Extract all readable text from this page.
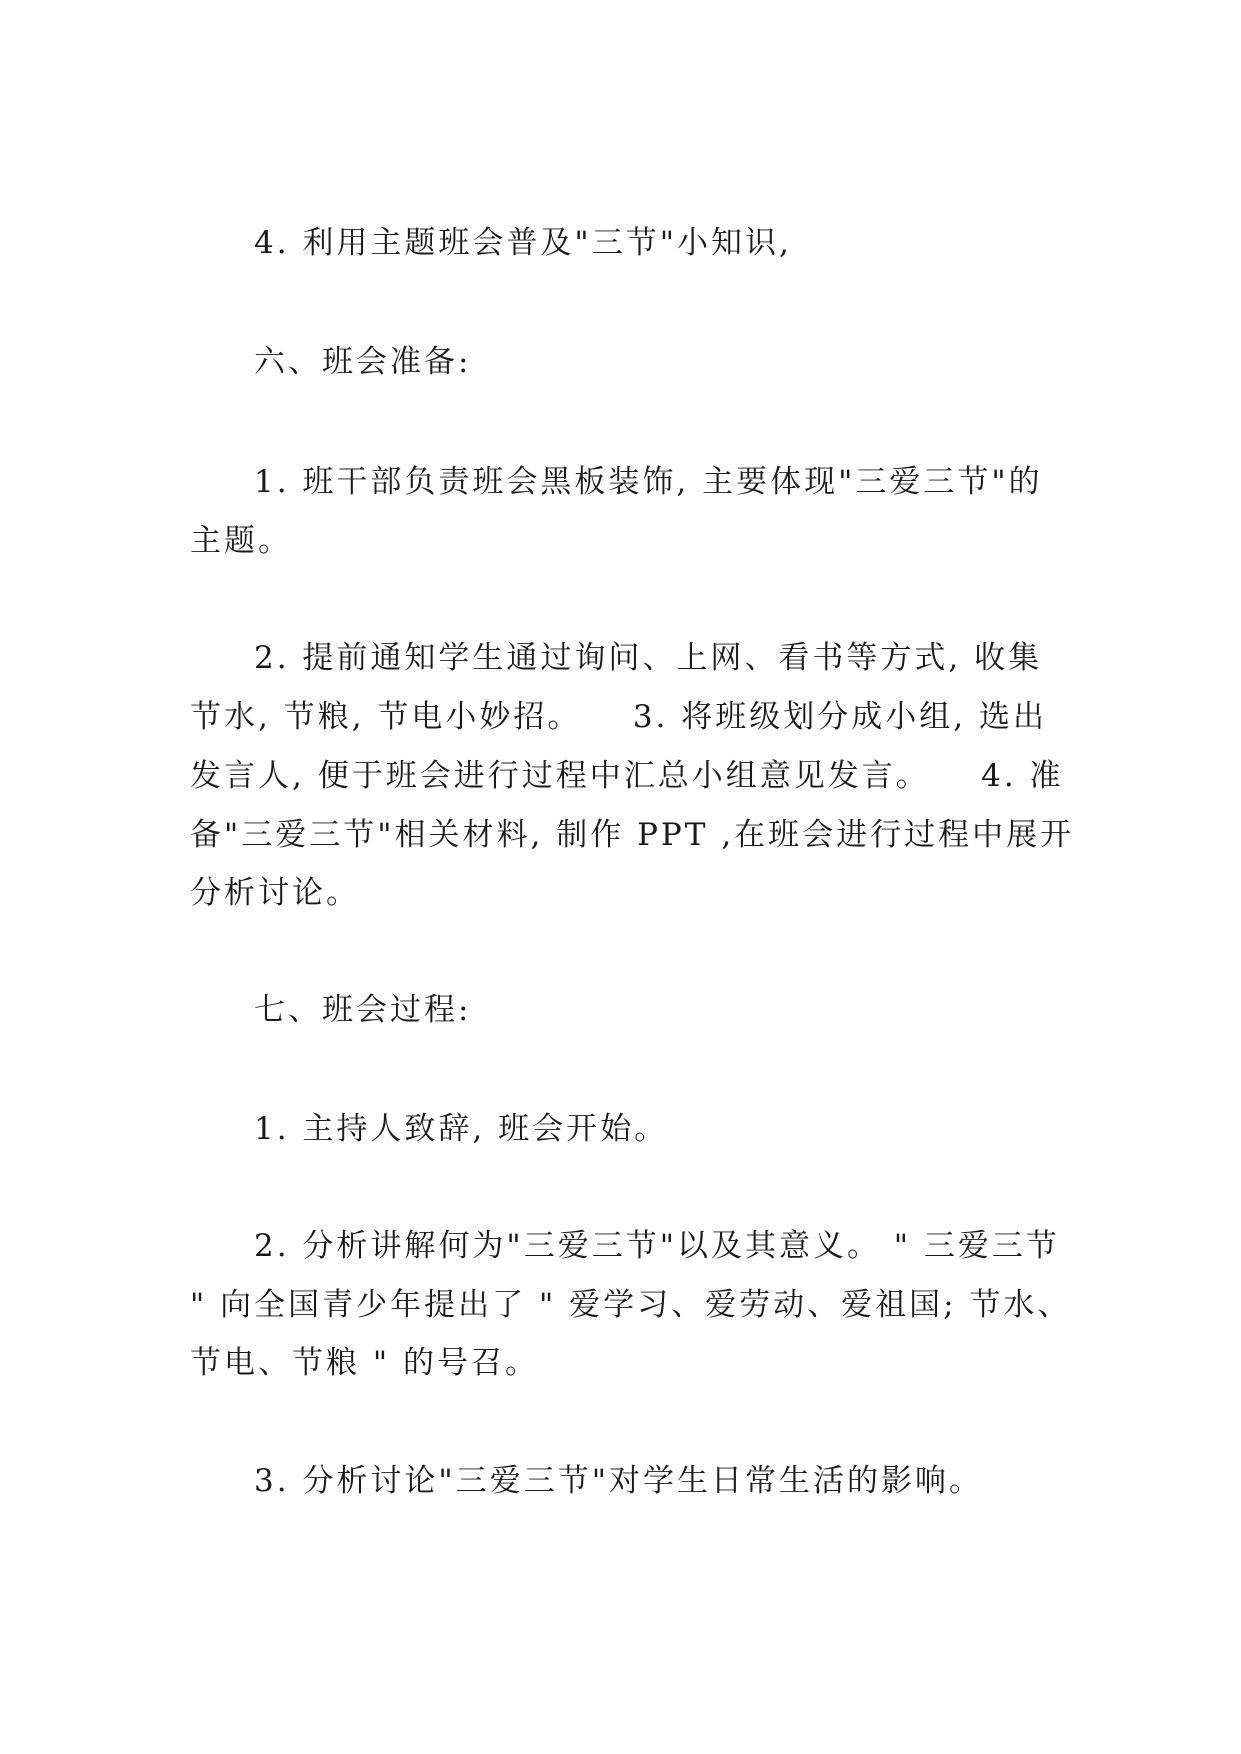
4. 利用主题班会普及"三节"小知识,
六、班会准备:
1. 班干部负责班会黑板装饰, 主要体现"三爱三节"的
主题。
2. 提前通知学生通过询问、上网、看书等方式, 收集
节水, 节粮, 节电小妙招。    3. 将班级划分成小组, 选出
发言人, 便于班会进行过程中汇总小组意见发言。    4. 准
备"三爱三节"相关材料, 制作 PPT ,在班会进行过程中展开
分析讨论。
七、班会过程:
1. 主持人致辞, 班会开始。
2. 分析讲解何为"三爱三节"以及其意义。 " 三爱三节
" 向全国青少年提出了 " 爱学习、爱劳动、爱祖国; 节水、
节电、节粮 " 的号召。
3. 分析讨论"三爱三节"对学生日常生活的影响。
